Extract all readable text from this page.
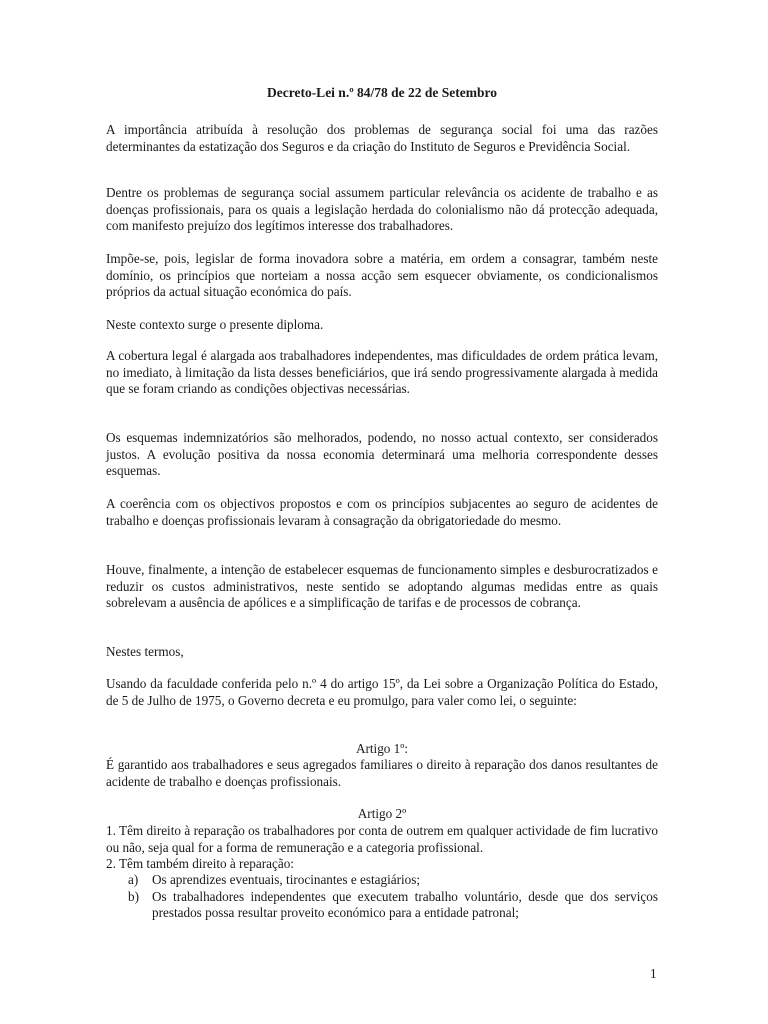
Decreto-Lei n.º 84/78 de 22 de Setembro

A importância atribuída à resolução dos problemas de segurança social foi uma das razões determinantes da estatização dos Seguros e da criação do Instituto de Seguros e Previdência Social.

Dentre os problemas de segurança social assumem particular relevância os acidente de trabalho e as doenças profissionais, para os quais a legislação herdada do colonialismo não dá protecção adequada, com manifesto prejuízo dos legítimos interesse dos trabalhadores.

Impõe-se, pois, legislar de forma inovadora sobre a matéria, em ordem a consagrar, também neste domínio, os princípios que norteiam a nossa acção sem esquecer obviamente, os condicionalismos próprios da actual situação económica do país.

Neste contexto surge o presente diploma.

A cobertura legal é alargada aos trabalhadores independentes, mas dificuldades de ordem prática levam, no imediato, à limitação da lista desses beneficiários, que irá sendo progressivamente alargada à medida que se foram criando as condições objectivas necessárias.

Os esquemas indemnizatórios são melhorados, podendo, no nosso actual contexto, ser considerados justos. A evolução positiva da nossa economia determinará uma melhoria correspondente desses esquemas.

A coerência com os objectivos propostos e com os princípios subjacentes ao seguro de acidentes de trabalho e doenças profissionais levaram à consagração da obrigatoriedade do mesmo.

Houve, finalmente, a intenção de estabelecer esquemas de funcionamento simples e desburocratizados e reduzir os custos administrativos, neste sentido se adoptando algumas medidas entre as quais sobrelevam a ausência de apólices e a simplificação de tarifas e de processos de cobrança.

Nestes termos,

Usando da faculdade conferida pelo n.º 4 do artigo 15º, da Lei sobre a Organização Política do Estado, de 5 de Julho de 1975, o Governo decreta e eu promulgo, para valer como lei, o seguinte:

Artigo 1º:

É garantido aos trabalhadores e seus agregados familiares o direito à reparação dos danos resultantes de acidente de trabalho e doenças profissionais.

Artigo 2º

1. Têm direito à reparação os trabalhadores por conta de outrem em qualquer actividade de fim lucrativo ou não, seja qual for a forma de remuneração e a categoria profissional.

2. Têm também direito à reparação:

a) Os aprendizes eventuais, tirocinantes e estagiários;
b) Os trabalhadores independentes que executem trabalho voluntário, desde que dos serviços prestados possa resultar proveito económico para a entidade patronal;
1
